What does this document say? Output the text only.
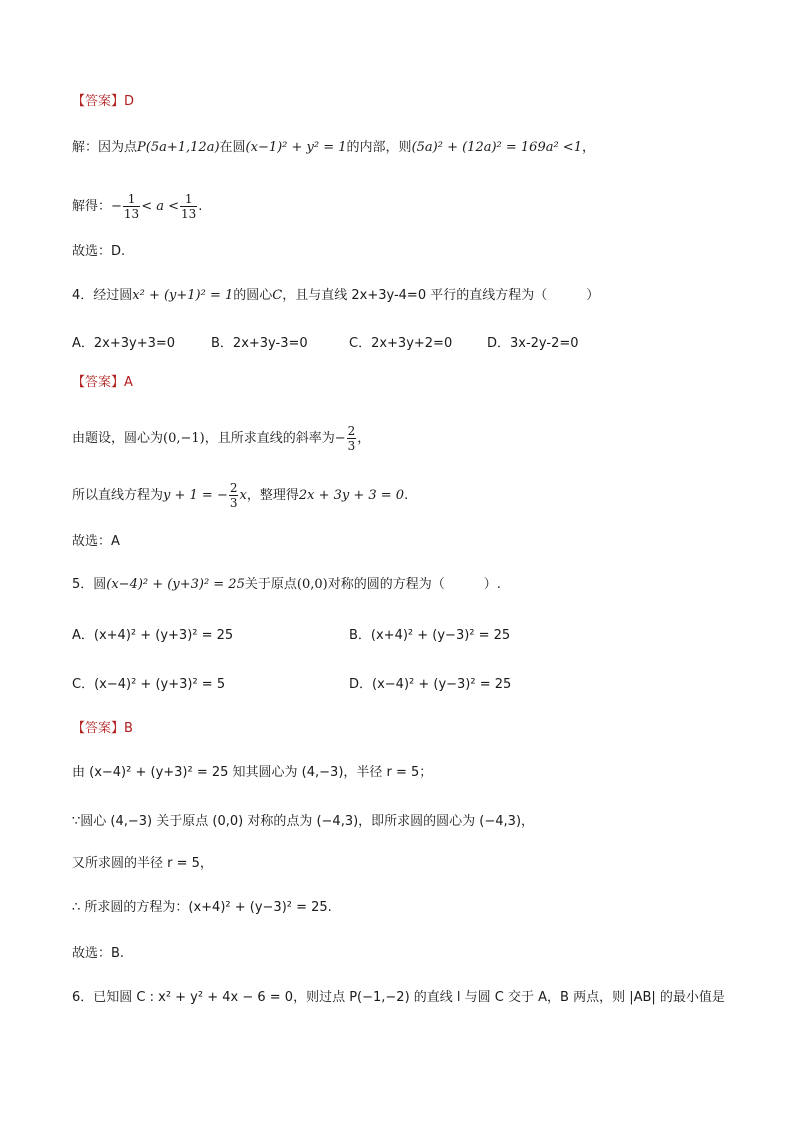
【答案】D
解：因为点P(5a+1,12a)在圆(x−1)² + y² = 1的内部，则(5a)² + (12a)² = 169a² <1，
解得：− $\frac{1}{13} < a < \frac{1}{13}$ .
故选：D.
4．经过圆x² + (y+1)² = 1的圆心C，且与直线 2x+3y-4=0 平行的直线方程为（　　　）
A．2x+3y+3=0	B．2x+3y-3=0	C．2x+3y+2=0	D．3x-2y-2=0
【答案】A
由题设，圆心为(0,−1)，且所求直线的斜率为− $\frac{2}{3}$ ，
所以直线方程为y + 1 = − $\frac{2}{3}$ x，整理得2x + 3y + 3 = 0.
故选：A
5．圆(x−4)² + (y+3)² = 25关于原点(0,0)对称的圆的方程为（　　　）.
A．(x+4)² + (y+3)² = 25	B．(x+4)² + (y−3)² = 25
C．(x−4)² + (y+3)² = 5	D．(x−4)² + (y−3)² = 25
【答案】B
由 (x−4)² + (y+3)² = 25 知其圆心为 (4,−3)，半径 r = 5；
∵圆心 (4,−3) 关于原点 (0,0) 对称的点为 (−4,3)，即所求圆的圆心为 (−4,3)，
又所求圆的半径 r = 5，
∴ 所求圆的方程为：(x+4)² + (y−3)² = 25.
故选：B.
6．已知圆 C : x² + y² + 4x − 6 = 0，则过点 P(−1,−2) 的直线 l 与圆 C 交于 A，B 两点，则 |AB| 的最小值是
